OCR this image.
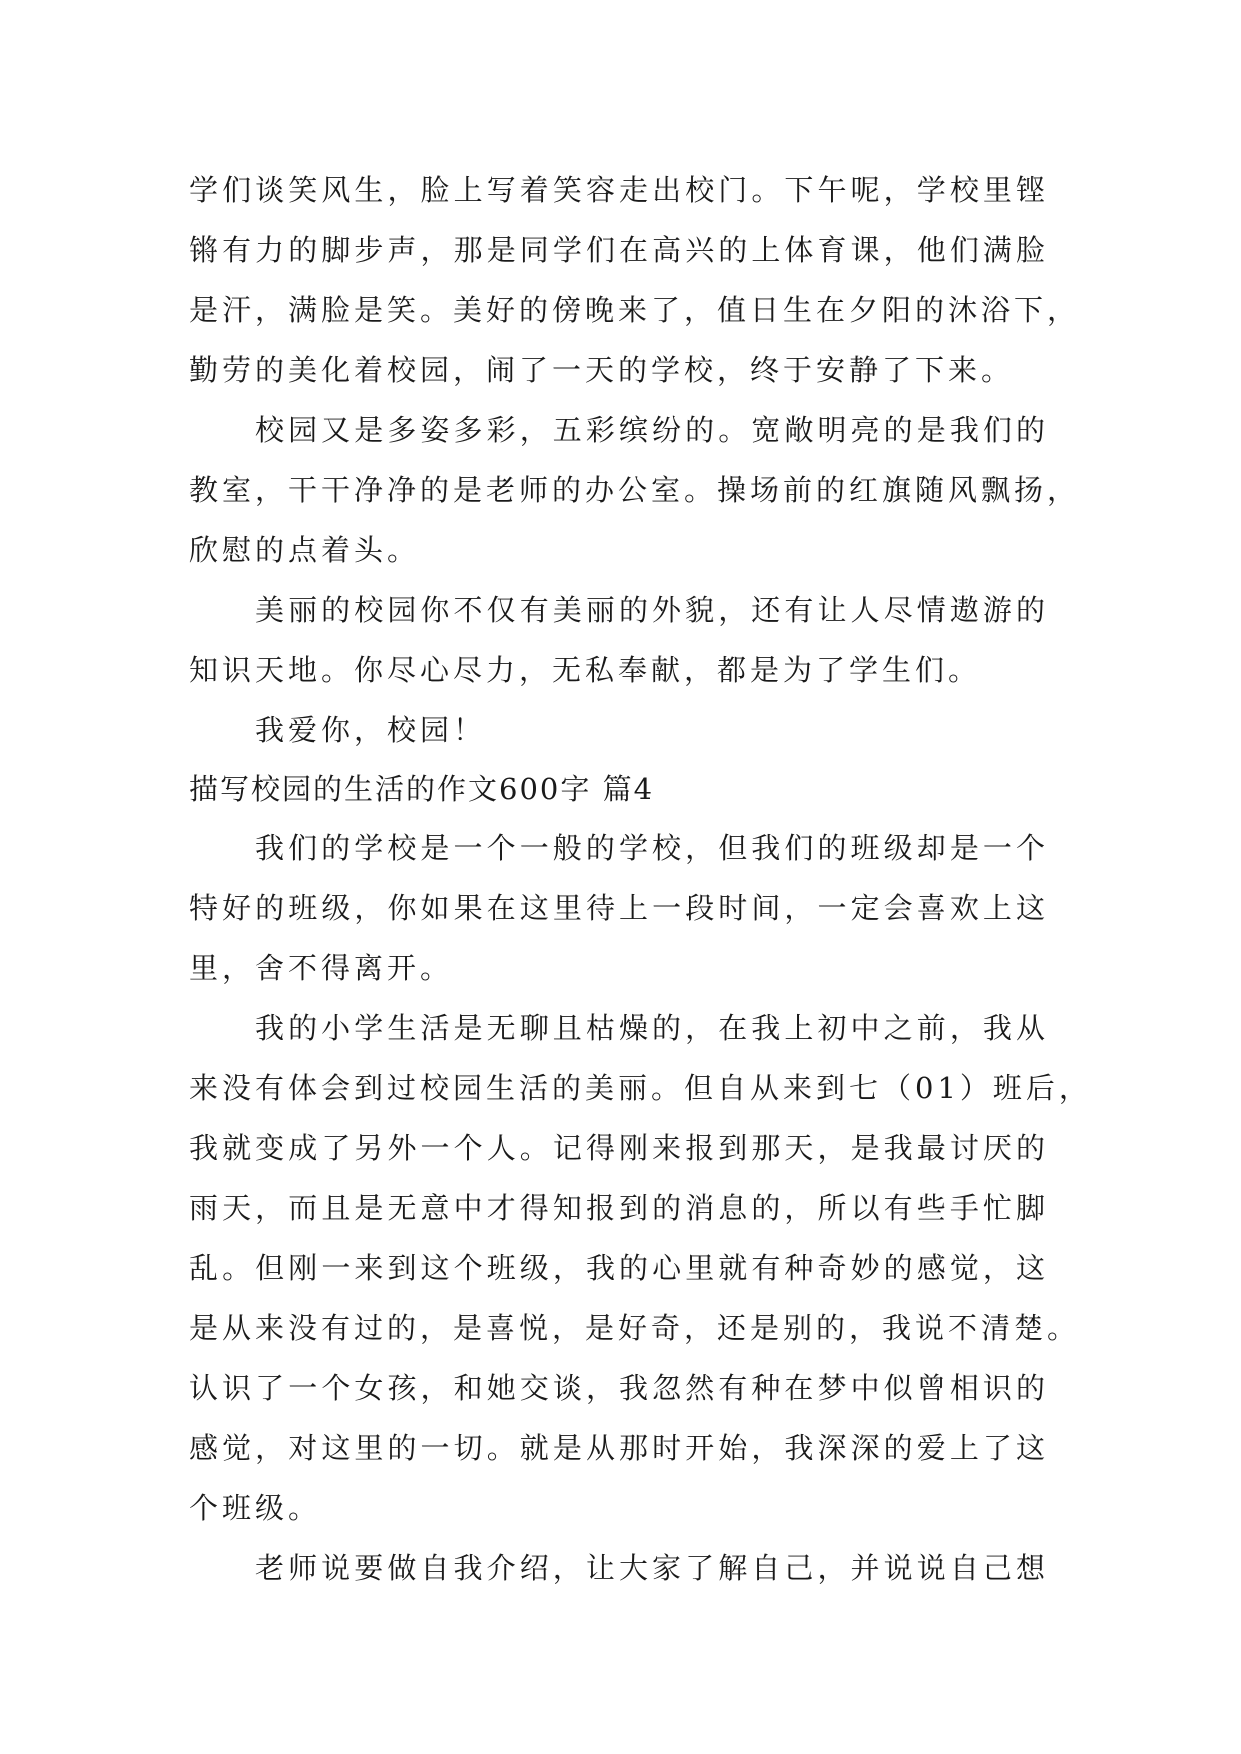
学们谈笑风生，脸上写着笑容走出校门。下午呢，学校里铿
锵有力的脚步声，那是同学们在高兴的上体育课，他们满脸
是汗，满脸是笑。美好的傍晚来了，值日生在夕阳的沐浴下，
勤劳的美化着校园，闹了一天的学校，终于安静了下来。
校园又是多姿多彩，五彩缤纷的。宽敞明亮的是我们的
教室，干干净净的是老师的办公室。操场前的红旗随风飘扬，
欣慰的点着头。
美丽的校园你不仅有美丽的外貌，还有让人尽情遨游的
知识天地。你尽心尽力，无私奉献，都是为了学生们。
我爱你，校园！
描写校园的生活的作文600字 篇4
我们的学校是一个一般的学校，但我们的班级却是一个
特好的班级，你如果在这里待上一段时间，一定会喜欢上这
里，舍不得离开。
我的小学生活是无聊且枯燥的，在我上初中之前，我从
来没有体会到过校园生活的美丽。但自从来到七（01）班后，
我就变成了另外一个人。记得刚来报到那天，是我最讨厌的
雨天，而且是无意中才得知报到的消息的，所以有些手忙脚
乱。但刚一来到这个班级，我的心里就有种奇妙的感觉，这
是从来没有过的，是喜悦，是好奇，还是别的，我说不清楚。
认识了一个女孩，和她交谈，我忽然有种在梦中似曾相识的
感觉，对这里的一切。就是从那时开始，我深深的爱上了这
个班级。
老师说要做自我介绍，让大家了解自己，并说说自己想
